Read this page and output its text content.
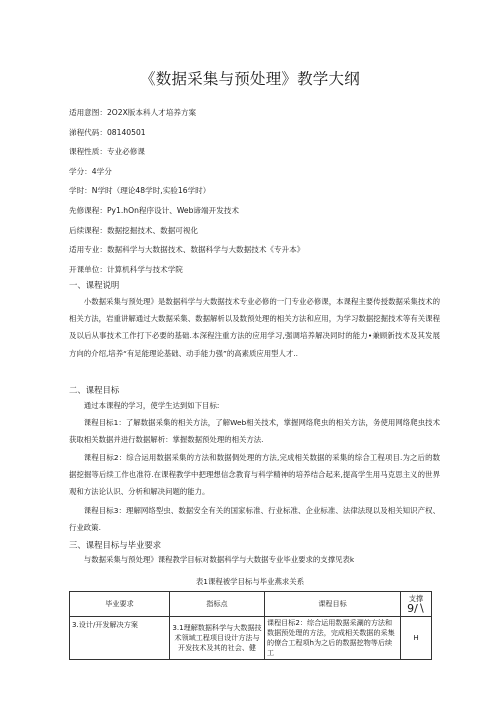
《数据采集与预处理》教学大纲
适用意图：2O2X版本科人才培养方案
涕程代码：08140501
课程性质：专业必修课
学分：4学分
学时：N学时（理论48学时,实验16学时）
先修课程：Py1.hOn程序设计、Web谛端开发技术
后续课程：数据挖掘技术、数据可视化
适用专业：数据科学与大数据技术、数据科学与大数据技术《专升本》
开课单位：计算机科学与技术学院
一、课程说明

小数据采集与预处理》是数据科学与大数据技术专业必修的一门专业必修课，本课程主要传授数据采集技术的相关方法，岩重讲解通过大数据采集、数据解析以及数预处理的相关方法和应用，为学习数据挖掘技术等有关课程及以后从事技术工作打下必要的基础.本深程注重方法的应用学习,强调培养解决同时的能力•兼顾新技术及其发展方向的介绍,培养“有足能理论基础、动手能力强”的高素质应用型人才..

二、课程目标

通过本课程的学习，使学生达到如下目标:

课程目标1：了解数据采集的相关方法，了解Web相关技术，掌握网络爬虫的相关方法，务使用网络爬虫技术获取相关数据并进行数据解析：掌握数据预处理的相关方法.

课程目标2：综合运用数据采集的方法和数据倜处理的方法,完成相关数据的采集的综合工程项目.为之后的数据挖掘等后续工作也准符.在课程教学中把理想信念教育与科学精神的培养结合起来,提高学生用马克思主义的世界观和方法论认识、分析和解决问题的能力。

课程目标3：理解网络型虫、数据安全有关的国家标准、行业标准、企业标准、法律法现以及相关知识产权、行业政策.

三、课程目标与毕业要求

与数据采集与预处理》课程教学目标对数据科学与大数据专业毕业要求的支撑见表k

表1课程被学目标与毕业燕求关系
毕业要求	指标点	课程目标	支撑
9∕∖
3.设计/开发解决方案	3.1理解数据科学与大数据技术领域工程项目设计方法与开发技术及其的社会、健	课程目标2：综合运用数据采涮的方法和数据预处理的方法，完成相关数据的采集的僚合工程项h为之后的数据挖物等后续工	H
